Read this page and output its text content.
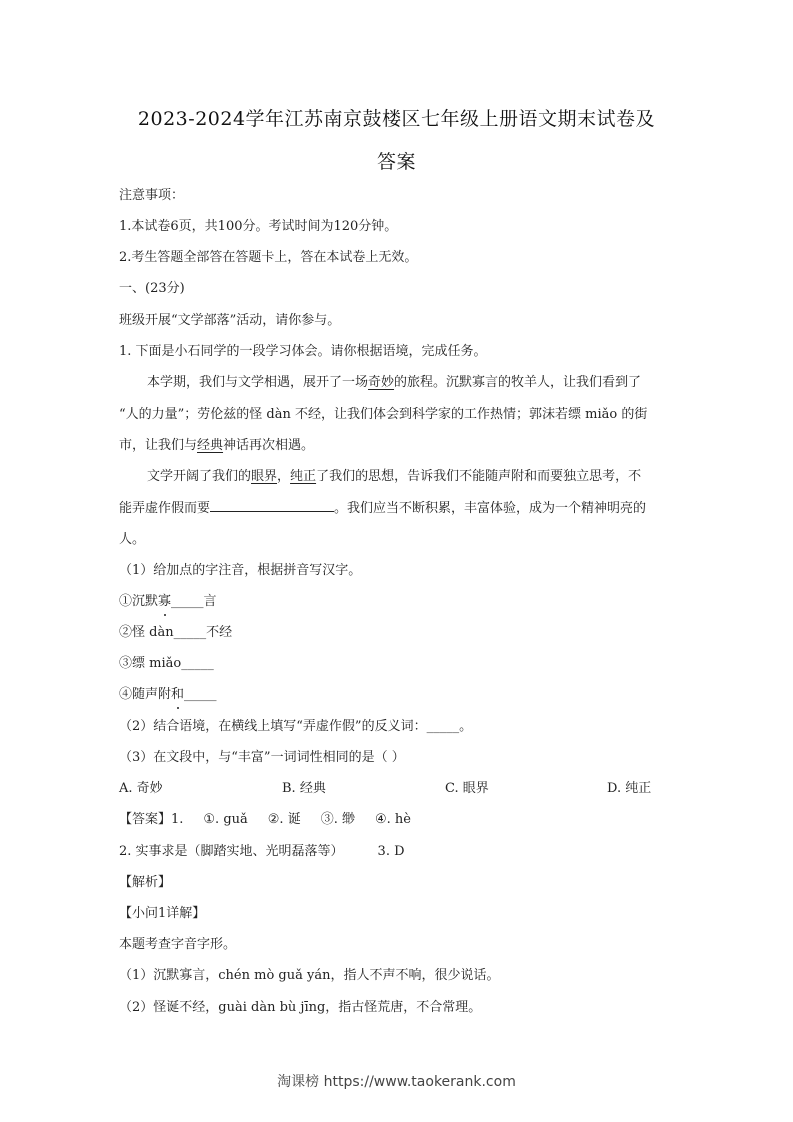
2023-2024学年江苏南京鼓楼区七年级上册语文期末试卷及
答案
注意事项：
1.本试卷6页，共100分。考试时间为120分钟。
2.考生答题全部答在答题卡上，答在本试卷上无效。
一、(23分)
班级开展“文学部落”活动，请你参与。
1. 下面是小石同学的一段学习体会。请你根据语境，完成任务。
本学期，我们与文学相遇，展开了一场奇妙的旅程。沉默寡言的牧羊人，让我们看到了
“人的力量”；劳伦兹的怪 dàn 不经，让我们体会到科学家的工作热情；郭沫若缥 miǎo 的街
市，让我们与经典神话再次相遇。
文学开阔了我们的眼界，纯正了我们的思想，告诉我们不能随声附和而要独立思考，不
能弄虚作假而要	。我们应当不断积累，丰富体验，成为一个精神明亮的
人。
（1）给加点的字注音，根据拼音写汉字。
①沉默寡_____言
②怪 dàn_____不经
③缥 miǎo_____
④随声附和_____
（2）结合语境，在横线上填写“弄虚作假”的反义词：_____。
（3）在文段中，与“丰富”一词词性相同的是（ ）
A. 奇妙	B. 经典	C. 眼界	D. 纯正
【答案】1. ①. guǎ ②. 诞 ③. 缈 ④. hè
2. 实事求是（脚踏实地、光明磊落等）	3. D
【解析】
【小问1详解】
本题考查字音字形。
（1）沉默寡言，chén mò guǎ yán，指人不声不响，很少说话。
（2）怪诞不经，guài dàn bù jīng，指古怪荒唐，不合常理。
淘课榜 https://www.taokerank.com
